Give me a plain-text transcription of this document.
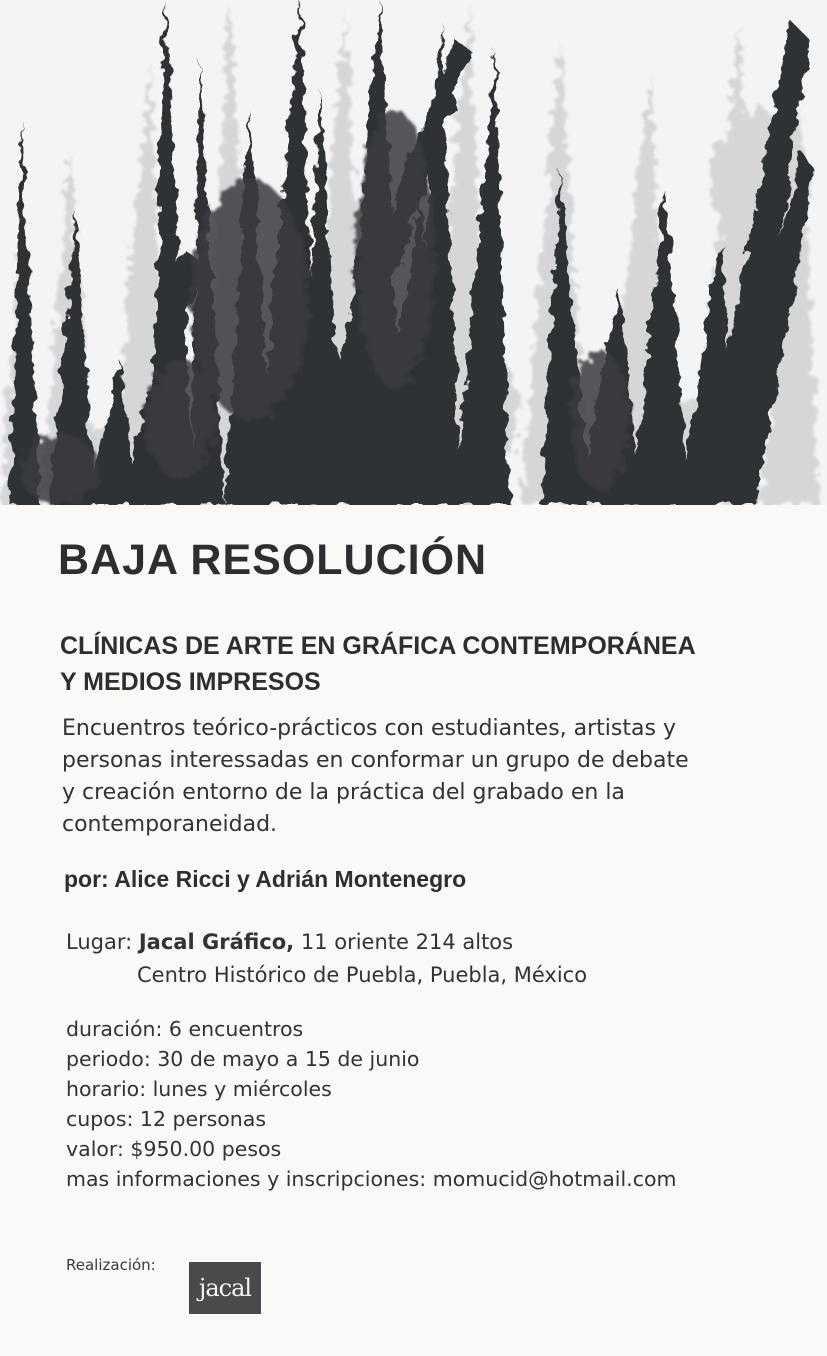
BAJA RESOLUCIÓN
CLÍNICAS DE ARTE EN GRÁFICA CONTEMPORÁNEA
Y MEDIOS IMPRESOS
Encuentros teórico-prácticos con estudiantes, artistas y
personas interessadas en conformar un grupo de debate
y creación entorno de la práctica del grabado en la
contemporaneidad.
por: Alice Ricci y Adrián Montenegro
Lugar: Jacal Gráfico, 11 oriente 214 altos
Centro Histórico de Puebla, Puebla, México
duración: 6 encuentros
periodo: 30 de mayo a 15 de junio
horario: lunes y miércoles
cupos: 12 personas
valor: $950.00 pesos
mas informaciones y inscripciones: momucid@hotmail.com
Realización:
jacal
